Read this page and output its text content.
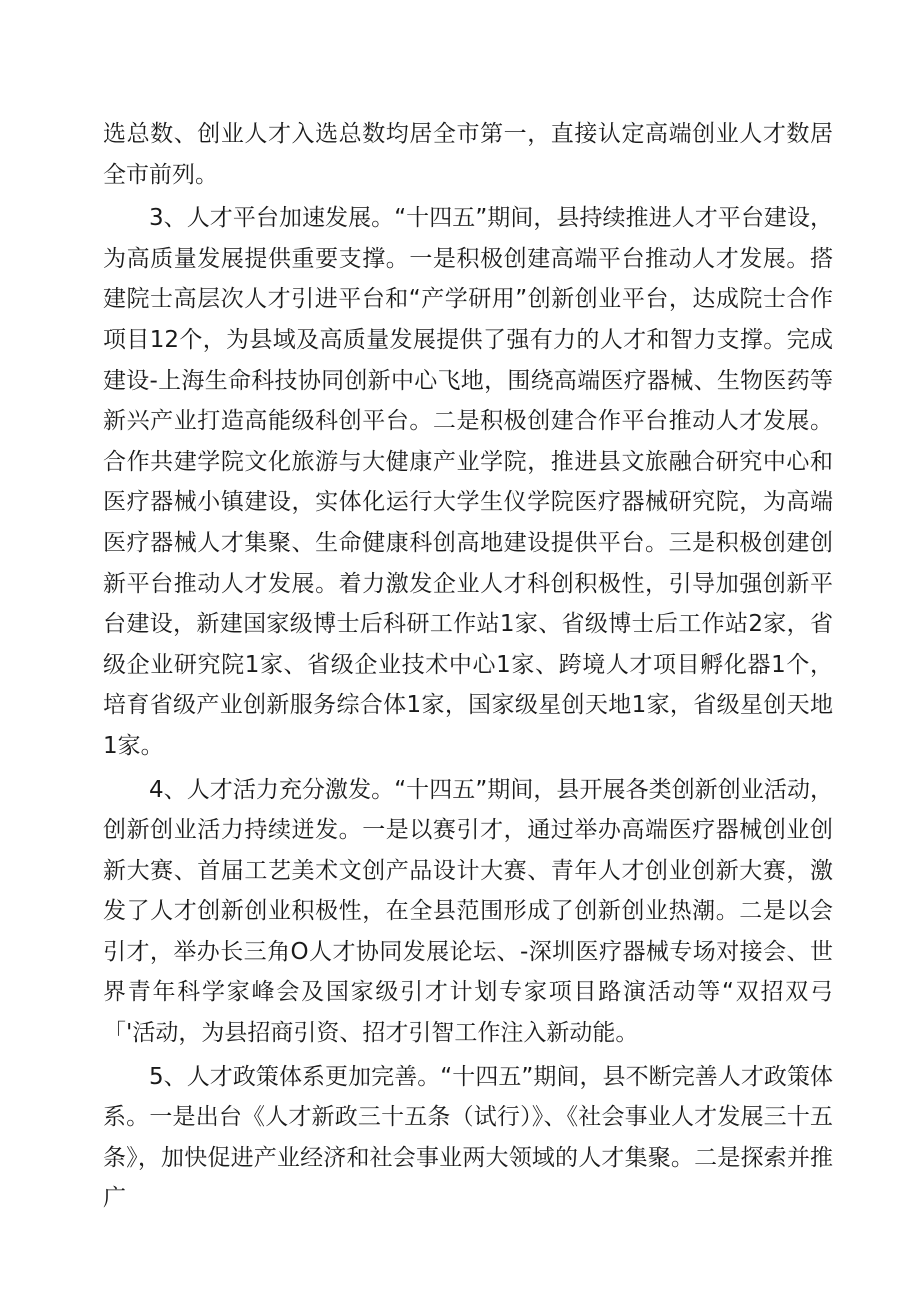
选总数、创业人才入选总数均居全市第一，直接认定高端创业人才数居全市前列。

3、人才平台加速发展。“十四五”期间，县持续推进人才平台建设，为高质量发展提供重要支撑。一是积极创建高端平台推动人才发展。搭建院士高层次人才引进平台和“产学研用”创新创业平台，达成院士合作项目12个，为县域及高质量发展提供了强有力的人才和智力支撑。完成建设-上海生命科技协同创新中心飞地，围绕高端医疗器械、生物医药等新兴产业打造高能级科创平台。二是积极创建合作平台推动人才发展。合作共建学院文化旅游与大健康产业学院，推进县文旅融合研究中心和医疗器械小镇建设，实体化运行大学生仪学院医疗器械研究院，为高端医疗器械人才集聚、生命健康科创高地建设提供平台。三是积极创建创新平台推动人才发展。着力激发企业人才科创积极性，引导加强创新平台建设，新建国家级博士后科研工作站1家、省级博士后工作站2家，省级企业研究院1家、省级企业技术中心1家、跨境人才项目孵化器1个，培育省级产业创新服务综合体1家，国家级星创天地1家，省级星创天地1家。

4、人才活力充分激发。“十四五”期间，县开展各类创新创业活动，创新创业活力持续迸发。一是以赛引才，通过举办高端医疗器械创业创新大赛、首届工艺美术文创产品设计大赛、青年人才创业创新大赛，激发了人才创新创业积极性，在全县范围形成了创新创业热潮。二是以会引才，举办长三角O人才协同发展论坛、-深圳医疗器械专场对接会、世界青年科学家峰会及国家级引才计划专家项目路演活动等“双招双弓「'活动，为县招商引资、招才引智工作注入新动能。

5、人才政策体系更加完善。“十四五”期间，县不断完善人才政策体系。一是出台《人才新政三十五条（试行）》、《社会事业人才发展三十五条》，加快促进产业经济和社会事业两大领域的人才集聚。二是探索并推广
